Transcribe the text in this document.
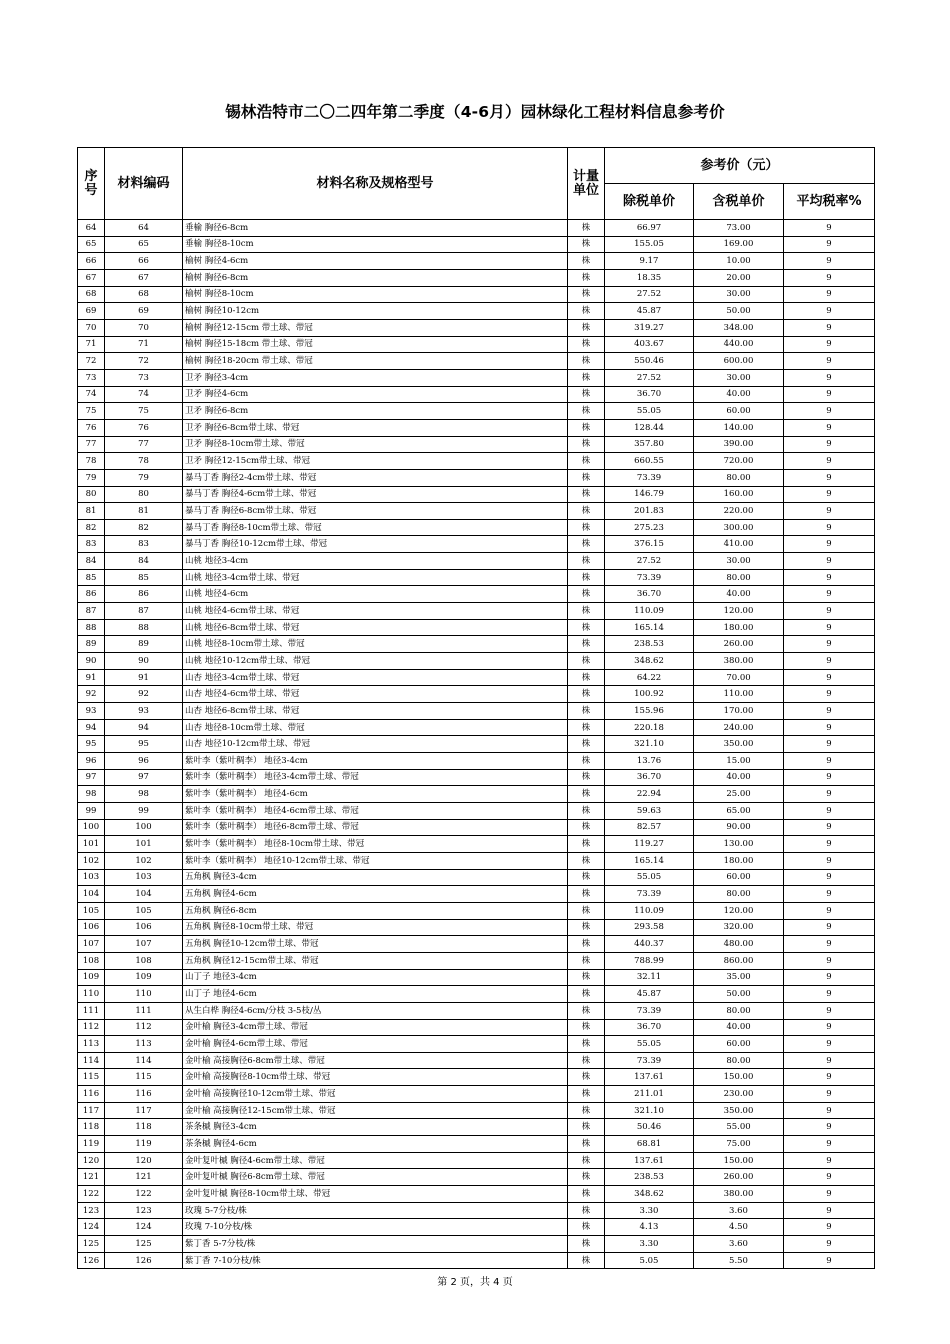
锡林浩特市二〇二四年第二季度（4-6月）园林绿化工程材料信息参考价
序号	材料编码	材料名称及规格型号	计量单位	参考价（元）		
				除税单价	含税单价	平均税率%
64	64	垂榆 胸径6-8cm	株	66.97	73.00	9
65	65	垂榆 胸径8-10cm	株	155.05	169.00	9
66	66	榆树 胸径4-6cm	株	9.17	10.00	9
67	67	榆树 胸径6-8cm	株	18.35	20.00	9
68	68	榆树 胸径8-10cm	株	27.52	30.00	9
69	69	榆树 胸径10-12cm	株	45.87	50.00	9
70	70	榆树 胸径12-15cm 带土球、带冠	株	319.27	348.00	9
71	71	榆树 胸径15-18cm 带土球、带冠	株	403.67	440.00	9
72	72	榆树 胸径18-20cm 带土球、带冠	株	550.46	600.00	9
73	73	卫矛 胸径3-4cm	株	27.52	30.00	9
74	74	卫矛 胸径4-6cm	株	36.70	40.00	9
75	75	卫矛 胸径6-8cm	株	55.05	60.00	9
76	76	卫矛 胸径6-8cm带土球、带冠	株	128.44	140.00	9
77	77	卫矛 胸径8-10cm带土球、带冠	株	357.80	390.00	9
78	78	卫矛 胸径12-15cm带土球、带冠	株	660.55	720.00	9
79	79	暴马丁香 胸径2-4cm带土球、带冠	株	73.39	80.00	9
80	80	暴马丁香 胸径4-6cm带土球、带冠	株	146.79	160.00	9
81	81	暴马丁香 胸径6-8cm带土球、带冠	株	201.83	220.00	9
82	82	暴马丁香 胸径8-10cm带土球、带冠	株	275.23	300.00	9
83	83	暴马丁香 胸径10-12cm带土球、带冠	株	376.15	410.00	9
84	84	山桃 地径3-4cm	株	27.52	30.00	9
85	85	山桃 地径3-4cm带土球、带冠	株	73.39	80.00	9
86	86	山桃 地径4-6cm	株	36.70	40.00	9
87	87	山桃 地径4-6cm带土球、带冠	株	110.09	120.00	9
88	88	山桃 地径6-8cm带土球、带冠	株	165.14	180.00	9
89	89	山桃 地径8-10cm带土球、带冠	株	238.53	260.00	9
90	90	山桃 地径10-12cm带土球、带冠	株	348.62	380.00	9
91	91	山杏 地径3-4cm带土球、带冠	株	64.22	70.00	9
92	92	山杏 地径4-6cm带土球、带冠	株	100.92	110.00	9
93	93	山杏 地径6-8cm带土球、带冠	株	155.96	170.00	9
94	94	山杏 地径8-10cm带土球、带冠	株	220.18	240.00	9
95	95	山杏 地径10-12cm带土球、带冠	株	321.10	350.00	9
96	96	紫叶李（紫叶稠李） 地径3-4cm	株	13.76	15.00	9
97	97	紫叶李（紫叶稠李） 地径3-4cm带土球、带冠	株	36.70	40.00	9
98	98	紫叶李（紫叶稠李） 地径4-6cm	株	22.94	25.00	9
99	99	紫叶李（紫叶稠李） 地径4-6cm带土球、带冠	株	59.63	65.00	9
100	100	紫叶李（紫叶稠李） 地径6-8cm带土球、带冠	株	82.57	90.00	9
101	101	紫叶李（紫叶稠李） 地径8-10cm带土球、带冠	株	119.27	130.00	9
102	102	紫叶李（紫叶稠李） 地径10-12cm带土球、带冠	株	165.14	180.00	9
103	103	五角枫 胸径3-4cm	株	55.05	60.00	9
104	104	五角枫 胸径4-6cm	株	73.39	80.00	9
105	105	五角枫 胸径6-8cm	株	110.09	120.00	9
106	106	五角枫 胸径8-10cm带土球、带冠	株	293.58	320.00	9
107	107	五角枫 胸径10-12cm带土球、带冠	株	440.37	480.00	9
108	108	五角枫 胸径12-15cm带土球、带冠	株	788.99	860.00	9
109	109	山丁子 地径3-4cm	株	32.11	35.00	9
110	110	山丁子 地径4-6cm	株	45.87	50.00	9
111	111	从生白桦 胸径4-6cm/分枝 3-5枝/丛	株	73.39	80.00	9
112	112	金叶榆 胸径3-4cm带土球、带冠	株	36.70	40.00	9
113	113	金叶榆 胸径4-6cm带土球、带冠	株	55.05	60.00	9
114	114	金叶榆 高接胸径6-8cm带土球、带冠	株	73.39	80.00	9
115	115	金叶榆 高接胸径8-10cm带土球、带冠	株	137.61	150.00	9
116	116	金叶榆 高接胸径10-12cm带土球、带冠	株	211.01	230.00	9
117	117	金叶榆 高接胸径12-15cm带土球、带冠	株	321.10	350.00	9
118	118	茶条槭 胸径3-4cm	株	50.46	55.00	9
119	119	茶条槭 胸径4-6cm	株	68.81	75.00	9
120	120	金叶复叶槭 胸径4-6cm带土球、带冠	株	137.61	150.00	9
121	121	金叶复叶槭 胸径6-8cm带土球、带冠	株	238.53	260.00	9
122	122	金叶复叶槭 胸径8-10cm带土球、带冠	株	348.62	380.00	9
123	123	玫瑰 5-7分枝/株	株	3.30	3.60	9
124	124	玫瑰 7-10分枝/株	株	4.13	4.50	9
125	125	紫丁香 5-7分枝/株	株	3.30	3.60	9
126	126	紫丁香 7-10分枝/株	株	5.05	5.50	9
第 2 页，共 4 页
